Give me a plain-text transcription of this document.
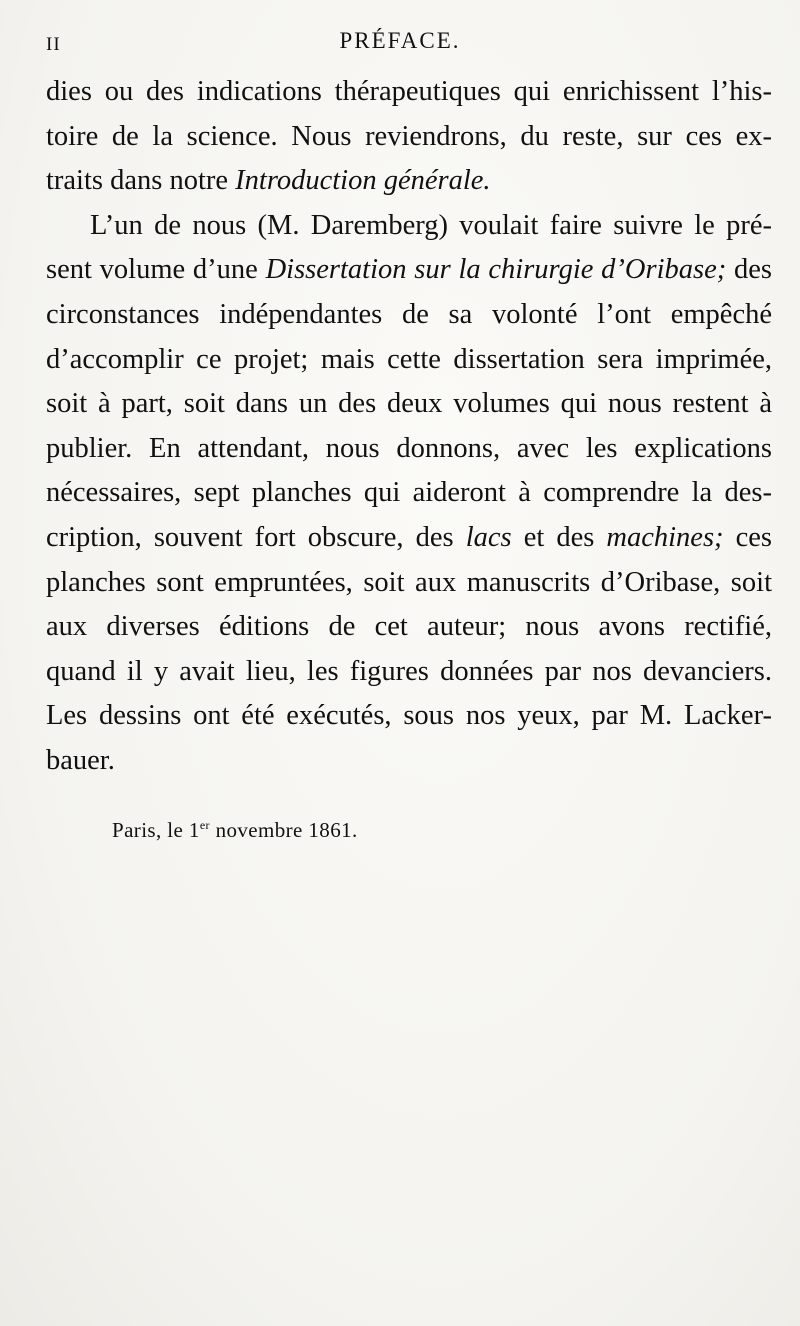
II	PRÉFACE.
dies ou des indications thérapeutiques qui enrichissent l’his-
toire de la science. Nous reviendrons, du reste, sur ces ex-
traits dans notre Introduction générale.
L’un de nous (M. Daremberg) voulait faire suivre le pré-
sent volume d’une Dissertation sur la chirurgie d’Oribase; des
circonstances indépendantes de sa volonté l’ont empêché
d’accomplir ce projet; mais cette dissertation sera imprimée,
soit à part, soit dans un des deux volumes qui nous restent à
publier. En attendant, nous donnons, avec les explications
nécessaires, sept planches qui aideront à comprendre la des-
cription, souvent fort obscure, des lacs et des machines; ces
planches sont empruntées, soit aux manuscrits d’Oribase, soit
aux diverses éditions de cet auteur; nous avons rectifié,
quand il y avait lieu, les figures données par nos devanciers.
Les dessins ont été exécutés, sous nos yeux, par M. Lacker-
bauer.
Paris, le 1er novembre 1861.
